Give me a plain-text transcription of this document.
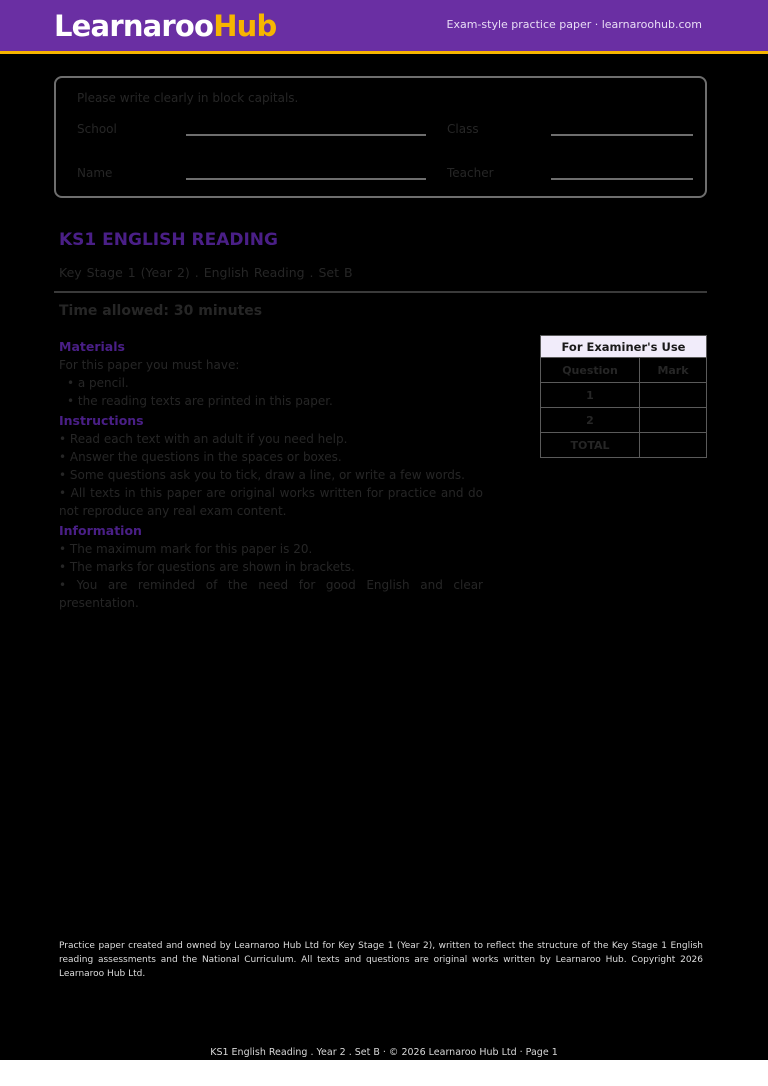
LearnarooHub	Exam-style practice paper · learnaroohub.com
Please write clearly in block capitals.
School	Class
Name	Teacher
KS1 ENGLISH READING
Key Stage 1 (Year 2) . English Reading . Set B
Time allowed: 30 minutes
Materials
For this paper you must have:
• a pencil.
• the reading texts are printed in this paper.
Instructions
• Read each text with an adult if you need help.
• Answer the questions in the spaces or boxes.
• Some questions ask you to tick, draw a line, or write a few words.
• All texts in this paper are original works written for practice and do not reproduce any real exam content.
Information
• The maximum mark for this paper is 20.
• The marks for questions are shown in brackets.
• You are reminded of the need for good English and clear presentation.
For Examiner's Use	
Question	Mark
1	
2	
TOTAL	
Practice paper created and owned by Learnaroo Hub Ltd for Key Stage 1 (Year 2), written to reflect the structure of the Key Stage 1 English reading assessments and the National Curriculum. All texts and questions are original works written by Learnaroo Hub. Copyright 2026 Learnaroo Hub Ltd.
KS1 English Reading . Year 2 . Set B · © 2026 Learnaroo Hub Ltd · Page 1
